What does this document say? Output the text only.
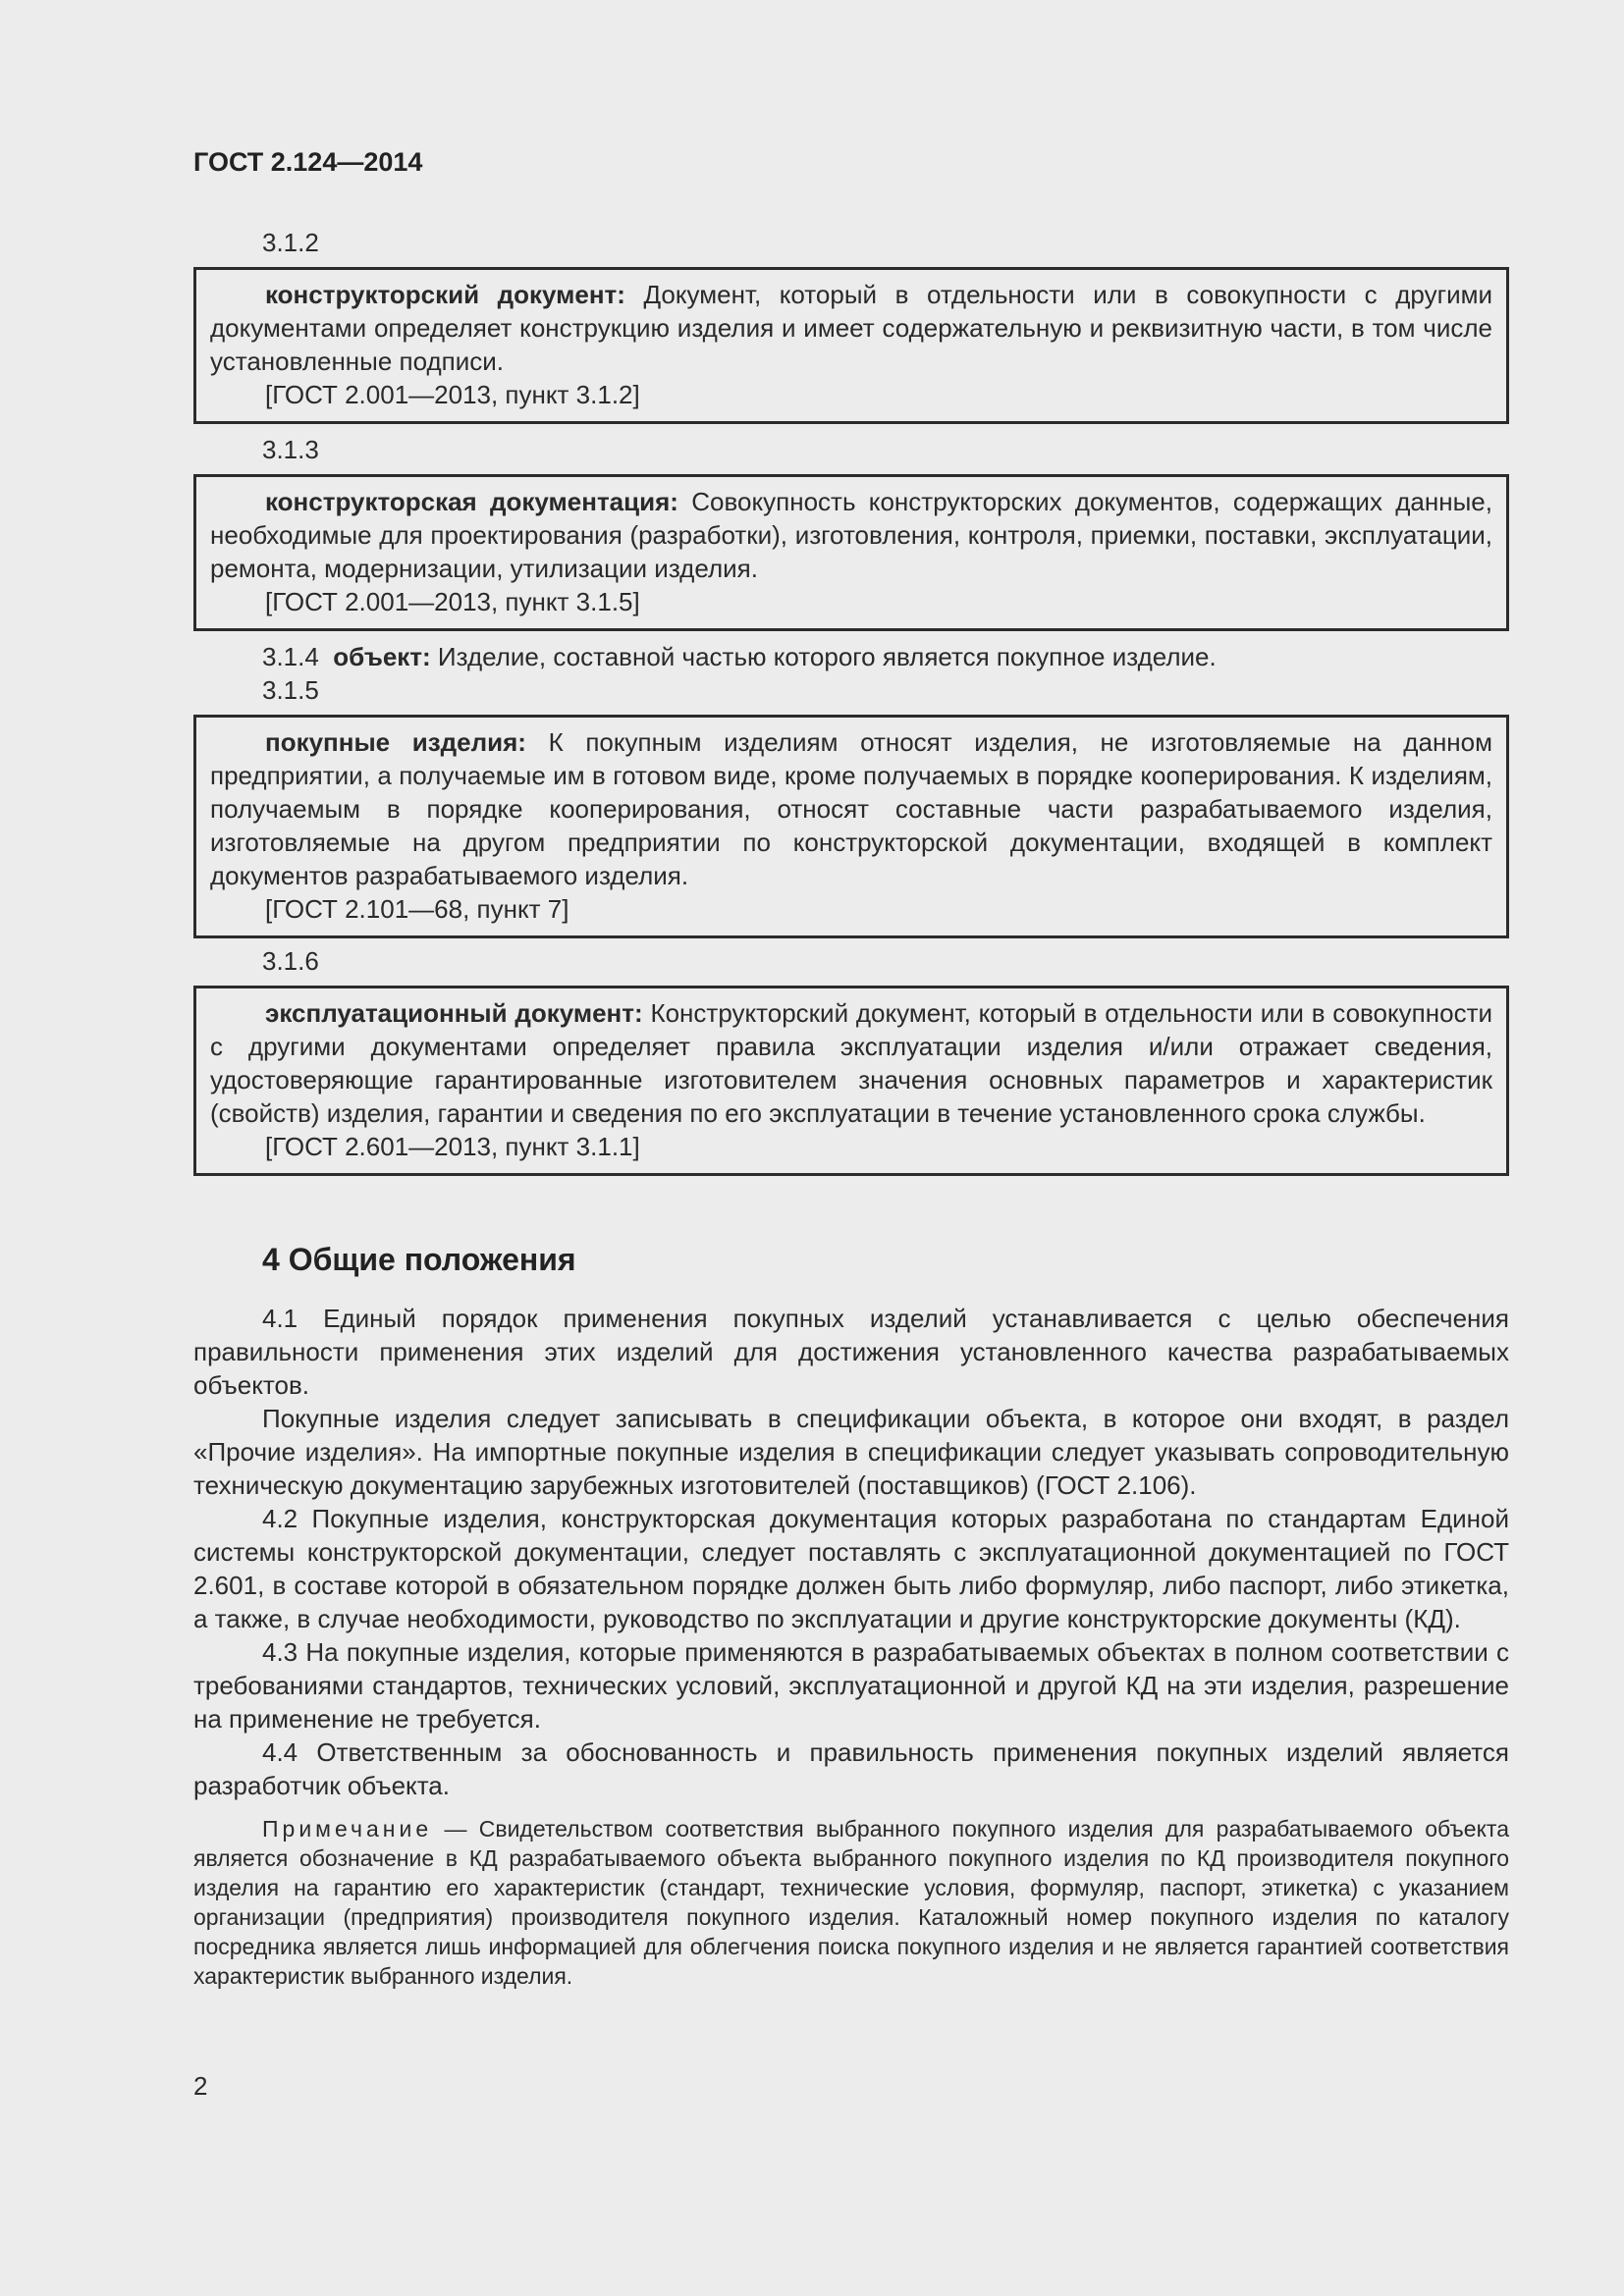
ГОСТ 2.124—2014
3.1.2

конструкторский документ: Документ, который в отдельности или в совокупности с другими документами определяет конструкцию изделия и имеет содержательную и реквизитную части, в том числе установленные подписи.

[ГОСТ 2.001—2013, пункт 3.1.2]

3.1.3

конструкторская документация: Совокупность конструкторских документов, содержащих данные, необходимые для проектирования (разработки), изготовления, контроля, приемки, поставки, эксплуатации, ремонта, модернизации, утилизации изделия.

[ГОСТ 2.001—2013, пункт 3.1.5]

3.1.4 объект: Изделие, составной частью которого является покупное изделие.
3.1.5

покупные изделия: К покупным изделиям относят изделия, не изготовляемые на данном предприятии, а получаемые им в готовом виде, кроме получаемых в порядке кооперирования. К изделиям, получаемым в порядке кооперирования, относят составные части разрабатываемого изделия, изготовляемые на другом предприятии по конструкторской документации, входящей в комплект документов разрабатываемого изделия.

[ГОСТ 2.101—68, пункт 7]

3.1.6

эксплуатационный документ: Конструкторский документ, который в отдельности или в совокупности с другими документами определяет правила эксплуатации изделия и/или отражает сведения, удостоверяющие гарантированные изготовителем значения основных параметров и характеристик (свойств) изделия, гарантии и сведения по его эксплуатации в течение установленного срока службы.

[ГОСТ 2.601—2013, пункт 3.1.1]

4 Общие положения

4.1 Единый порядок применения покупных изделий устанавливается с целью обеспечения правильности применения этих изделий для достижения установленного качества разрабатываемых объектов.

Покупные изделия следует записывать в спецификации объекта, в которое они входят, в раздел «Прочие изделия». На импортные покупные изделия в спецификации следует указывать сопроводительную техническую документацию зарубежных изготовителей (поставщиков) (ГОСТ 2.106).

4.2 Покупные изделия, конструкторская документация которых разработана по стандартам Единой системы конструкторской документации, следует поставлять с эксплуатационной документацией по ГОСТ 2.601, в составе которой в обязательном порядке должен быть либо формуляр, либо паспорт, либо этикетка, а также, в случае необходимости, руководство по эксплуатации и другие конструкторские документы (КД).

4.3 На покупные изделия, которые применяются в разрабатываемых объектах в полном соответствии с требованиями стандартов, технических условий, эксплуатационной и другой КД на эти изделия, разрешение на применение не требуется.

4.4 Ответственным за обоснованность и правильность применения покупных изделий является разработчик объекта.

Примечание — Свидетельством соответствия выбранного покупного изделия для разрабатываемого объекта является обозначение в КД разрабатываемого объекта выбранного покупного изделия по КД производителя покупного изделия на гарантию его характеристик (стандарт, технические условия, формуляр, паспорт, этикетка) с указанием организации (предприятия) производителя покупного изделия. Каталожный номер покупного изделия по каталогу посредника является лишь информацией для облегчения поиска покупного изделия и не является гарантией соответствия характеристик выбранного изделия.

2
